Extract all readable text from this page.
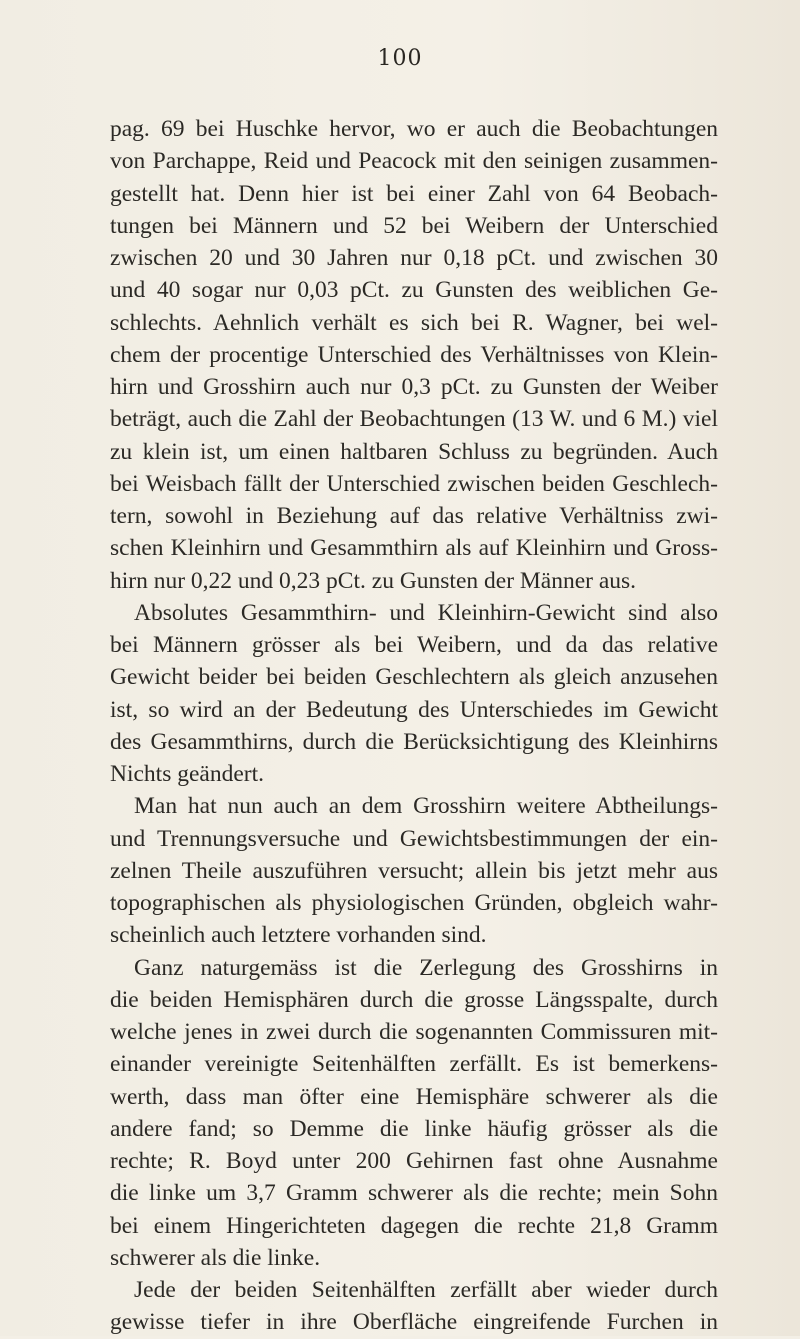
100
pag. 69 bei Huschke hervor, wo er auch die Beobachtungen
von Parchappe, Reid und Peacock mit den seinigen zusammen-
gestellt hat. Denn hier ist bei einer Zahl von 64 Beobach-
tungen bei Männern und 52 bei Weibern der Unterschied
zwischen 20 und 30 Jahren nur 0,18 pCt. und zwischen 30
und 40 sogar nur 0,03 pCt. zu Gunsten des weiblichen Ge-
schlechts. Aehnlich verhält es sich bei R. Wagner, bei wel-
chem der procentige Unterschied des Verhältnisses von Klein-
hirn und Grosshirn auch nur 0,3 pCt. zu Gunsten der Weiber
beträgt, auch die Zahl der Beobachtungen (13 W. und 6 M.) viel
zu klein ist, um einen haltbaren Schluss zu begründen. Auch
bei Weisbach fällt der Unterschied zwischen beiden Geschlech-
tern, sowohl in Beziehung auf das relative Verhältniss zwi-
schen Kleinhirn und Gesammthirn als auf Kleinhirn und Gross-
hirn nur 0,22 und 0,23 pCt. zu Gunsten der Männer aus.
Absolutes Gesammthirn- und Kleinhirn-Gewicht sind also
bei Männern grösser als bei Weibern, und da das relative
Gewicht beider bei beiden Geschlechtern als gleich anzusehen
ist, so wird an der Bedeutung des Unterschiedes im Gewicht
des Gesammthirns, durch die Berücksichtigung des Kleinhirns
Nichts geändert.
Man hat nun auch an dem Grosshirn weitere Abtheilungs-
und Trennungsversuche und Gewichtsbestimmungen der ein-
zelnen Theile auszuführen versucht; allein bis jetzt mehr aus
topographischen als physiologischen Gründen, obgleich wahr-
scheinlich auch letztere vorhanden sind.
Ganz naturgemäss ist die Zerlegung des Grosshirns in
die beiden Hemisphären durch die grosse Längsspalte, durch
welche jenes in zwei durch die sogenannten Commissuren mit-
einander vereinigte Seitenhälften zerfällt. Es ist bemerkens-
werth, dass man öfter eine Hemisphäre schwerer als die
andere fand; so Demme die linke häufig grösser als die
rechte; R. Boyd unter 200 Gehirnen fast ohne Ausnahme
die linke um 3,7 Gramm schwerer als die rechte; mein Sohn
bei einem Hingerichteten dagegen die rechte 21,8 Gramm
schwerer als die linke.
Jede der beiden Seitenhälften zerfällt aber wieder durch
gewisse tiefer in ihre Oberfläche eingreifende Furchen in
